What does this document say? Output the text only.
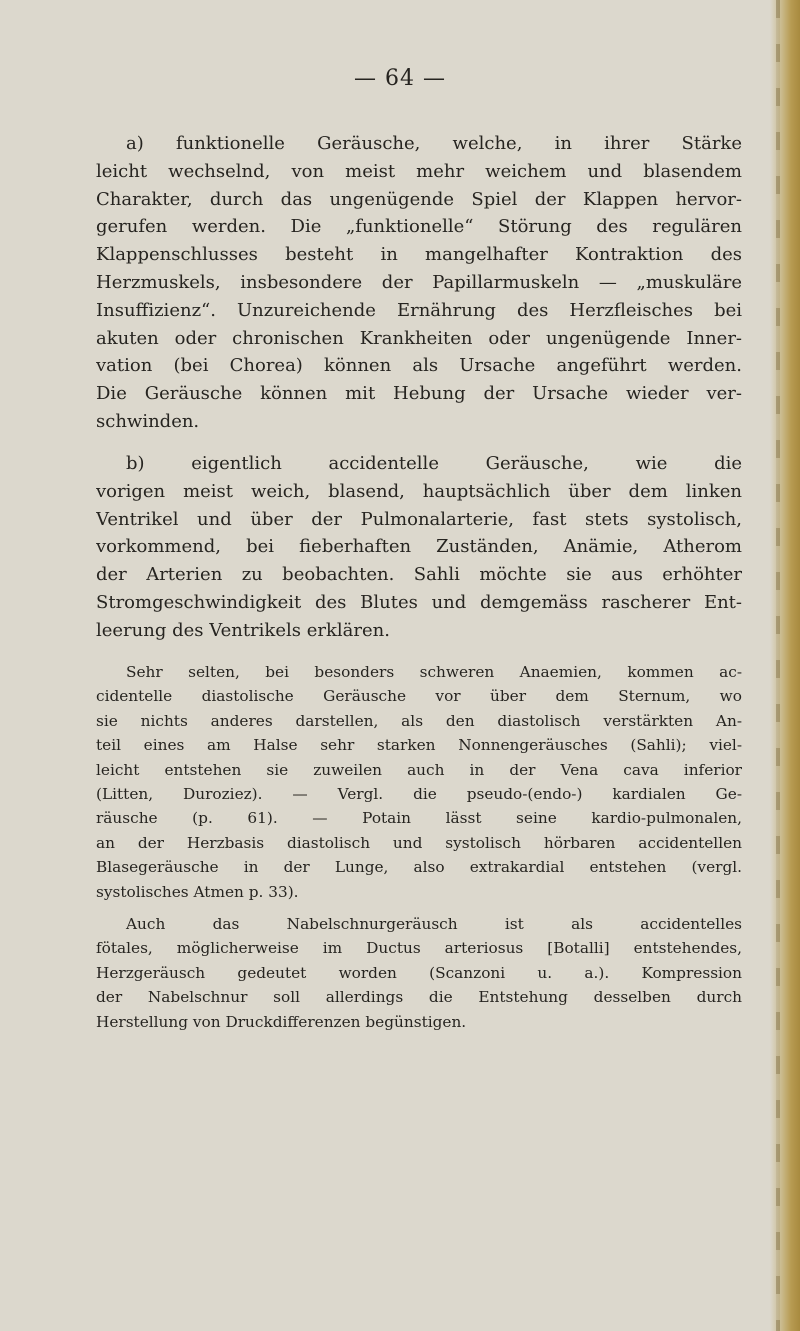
— 64 —
a) funktionelle Geräusche, welche, in ihrer Stärke
leicht wechselnd, von meist mehr weichem und blasendem
Charakter, durch das ungenügende Spiel der Klappen hervor-
gerufen werden. Die „funktionelle“ Störung des regulären
Klappenschlusses besteht in mangelhafter Kontraktion des
Herzmuskels, insbesondere der Papillarmuskeln — „muskuläre
Insuffizienz“. Unzureichende Ernährung des Herzfleisches bei
akuten oder chronischen Krankheiten oder ungenügende Inner-
vation (bei Chorea) können als Ursache angeführt werden.
Die Geräusche können mit Hebung der Ursache wieder ver-
schwinden.
b) eigentlich accidentelle Geräusche, wie die
vorigen meist weich, blasend, hauptsächlich über dem linken
Ventrikel und über der Pulmonalarterie, fast stets systolisch,
vorkommend, bei fieberhaften Zuständen, Anämie, Atherom
der Arterien zu beobachten. Sahli möchte sie aus erhöhter
Stromgeschwindigkeit des Blutes und demgemäss rascherer Ent-
leerung des Ventrikels erklären.
Sehr selten, bei besonders schweren Anaemien, kommen ac-
cidentelle diastolische Geräusche vor über dem Sternum, wo
sie nichts anderes darstellen, als den diastolisch verstärkten An-
teil eines am Halse sehr starken Nonnengeräusches (Sahli); viel-
leicht entstehen sie zuweilen auch in der Vena cava inferior
(Litten, Duroziez). — Vergl. die pseudo-(endo-) kardialen Ge-
räusche (p. 61). — Potain lässt seine kardio-pulmonalen,
an der Herzbasis diastolisch und systolisch hörbaren accidentellen
Blasegeräusche in der Lunge, also extrakardial entstehen (vergl.
systolisches Atmen p. 33).
Auch das Nabelschnurgeräusch ist als accidentelles
fötales, möglicherweise im Ductus arteriosus [Botalli] entstehendes,
Herzgeräusch gedeutet worden (Scanzoni u. a.). Kompression
der Nabelschnur soll allerdings die Entstehung desselben durch
Herstellung von Druckdifferenzen begünstigen.
